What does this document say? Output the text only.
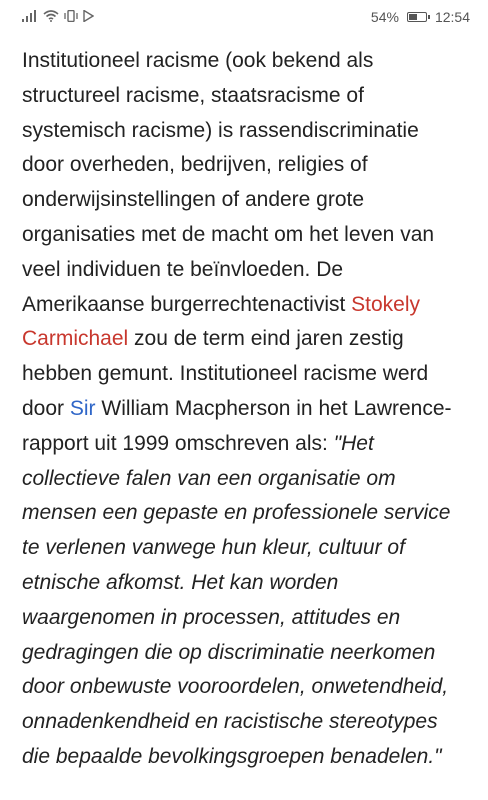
54%	12:54

Institutioneel racisme (ook bekend als
structureel racisme, staatsracisme of
systemisch racisme) is rassendiscriminatie
door overheden, bedrijven, religies of
onderwijsinstellingen of andere grote
organisaties met de macht om het leven van
veel individuen te beïnvloeden. De
Amerikaanse burgerrechtenactivist Stokely
Carmichael zou de term eind jaren zestig
hebben gemunt. Institutioneel racisme werd
door Sir William Macpherson in het Lawrence-
rapport uit 1999 omschreven als: "Het
collectieve falen van een organisatie om
mensen een gepaste en professionele service
te verlenen vanwege hun kleur, cultuur of
etnische afkomst. Het kan worden
waargenomen in processen, attitudes en
gedragingen die op discriminatie neerkomen
door onbewuste vooroordelen, onwetendheid,
onnadenkendheid en racistische stereotypes
die bepaalde bevolkingsgroepen benadelen."
